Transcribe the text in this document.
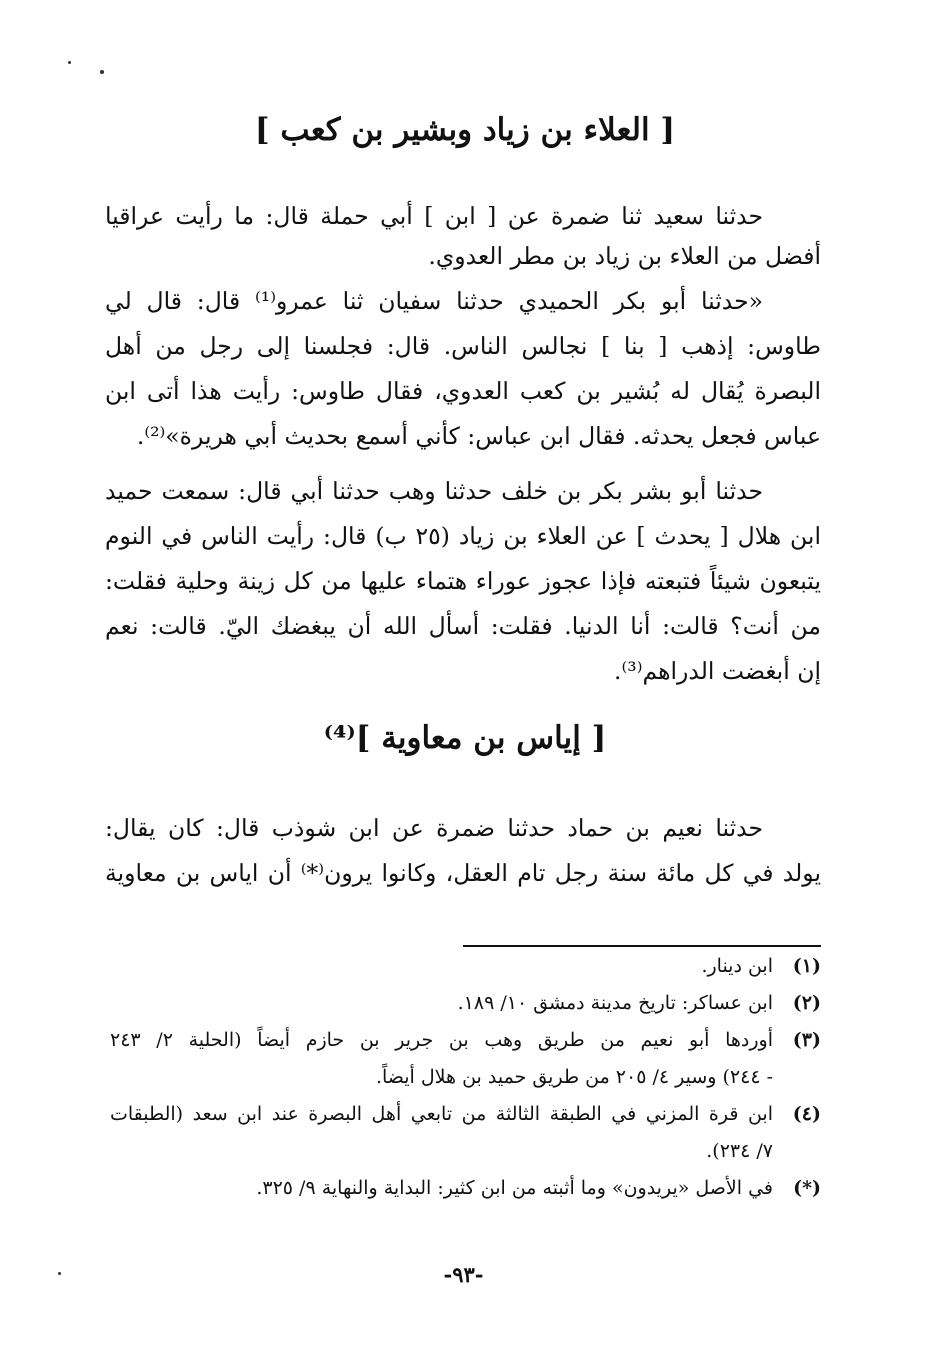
[ العلاء بن زياد وبشير بن كعب ]
حدثنا سعيد ثنا ضمرة عن [ ابن ] أبي حملة قال: ما رأيت عراقيا
أفضل من العلاء بن زياد بن مطر العدوي.
«حدثنا أبو بكر الحميدي حدثنا سفيان ثنا عمرو⁽¹⁾ قال: قال لي
طاوس: إذهب [ بنا ] نجالس الناس. قال: فجلسنا إلى رجل من أهل
البصرة يُقال له بُشير بن كعب العدوي، فقال طاوس: رأيت هذا أتى ابن
عباس فجعل يحدثه. فقال ابن عباس: كأني أسمع بحديث أبي هريرة»⁽²⁾.
حدثنا أبو بشر بكر بن خلف حدثنا وهب حدثنا أبي قال: سمعت حميد
ابن هلال [ يحدث ] عن العلاء بن زياد (٢٥ ب) قال: رأيت الناس في النوم
يتبعون شيئاً فتبعته فإذا عجوز عوراء هتماء عليها من كل زينة وحلية فقلت:
من أنت؟ قالت: أنا الدنيا. فقلت: أسأل الله أن يبغضك اليّ. قالت: نعم
إن أبغضت الدراهم⁽³⁾.
[ إياس بن معاوية ]⁽⁴⁾
حدثنا نعيم بن حماد حدثنا ضمرة عن ابن شوذب قال: كان يقال:
يولد في كل مائة سنة رجل تام العقل، وكانوا يرون⁽*⁾ أن اياس بن معاوية
(١)
ابن دينار.
(٢)
ابن عساكر: تاريخ مدينة دمشق ١٠/ ١٨٩.
(٣)
أوردها أبو نعيم من طريق وهب بن جرير بن حازم أيضاً (الحلية ٢/ ٢٤٣
- ٢٤٤) وسير ٤/ ٢٠٥ من طريق حميد بن هلال أيضاً.
(٤)
ابن قرة المزني في الطبقة الثالثة من تابعي أهل البصرة عند ابن سعد (الطبقات
٧/ ٢٣٤).
(*)
في الأصل «يريدون» وما أثبته من ابن كثير: البداية والنهاية ٩/ ٣٢٥.
-٩٣-
